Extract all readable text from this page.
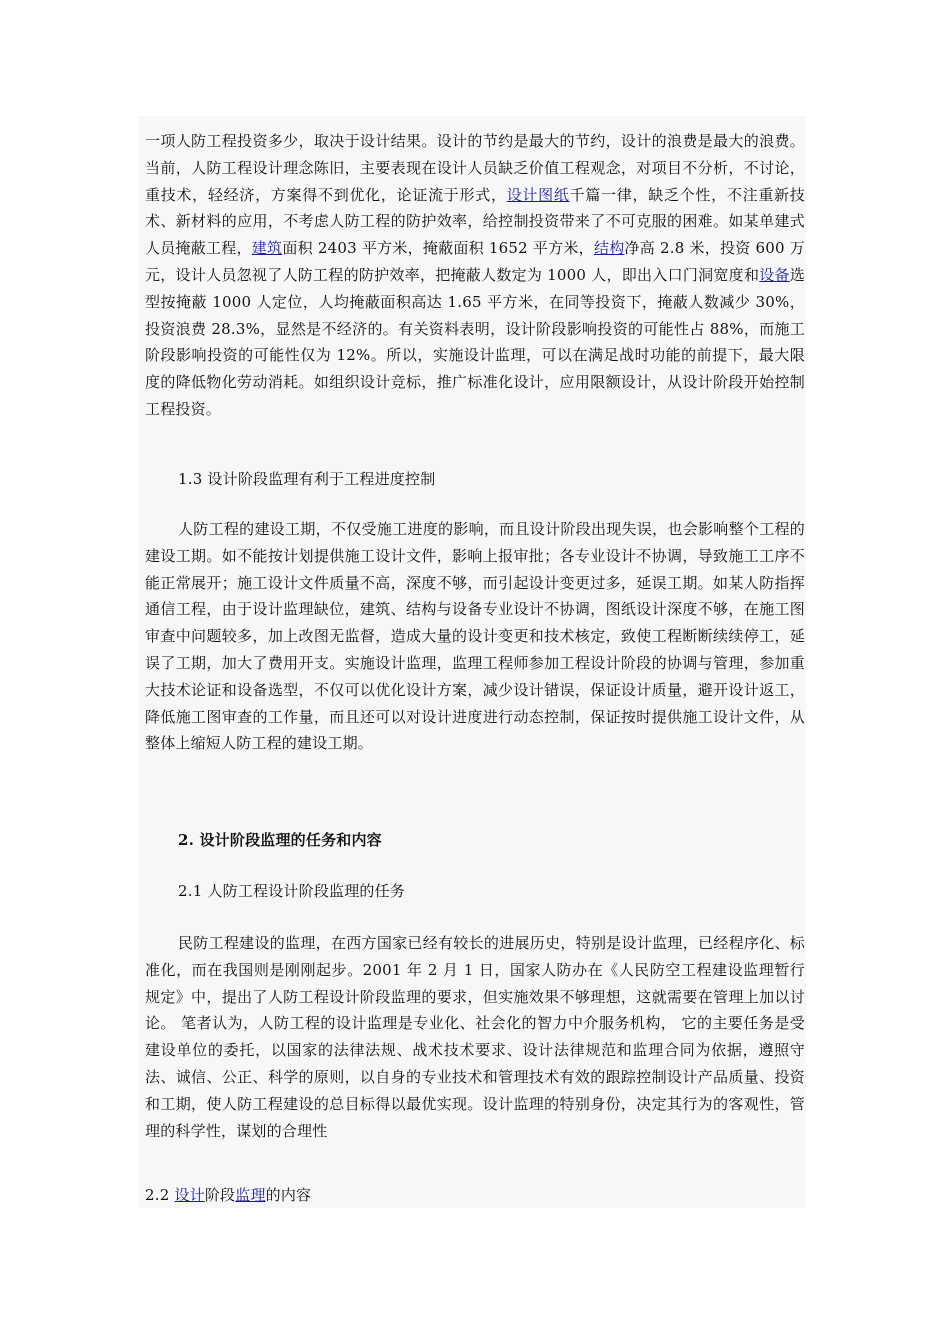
一项人防工程投资多少，取决于设计结果。设计的节约是最大的节约，设计的浪费是最大的浪费。当前，人防工程设计理念陈旧，主要表现在设计人员缺乏价值工程观念，对项目不分析，不讨论，重技术，轻经济，方案得不到优化，论证流于形式，设计图纸千篇一律，缺乏个性，不注重新技术、新材料的应用，不考虑人防工程的防护效率，给控制投资带来了不可克服的困难。如某单建式人员掩蔽工程，建筑面积 2403 平方米，掩蔽面积 1652 平方米，结构净高 2.8 米，投资 600 万元，设计人员忽视了人防工程的防护效率，把掩蔽人数定为 1000 人，即出入口门洞宽度和设备选型按掩蔽 1000 人定位，人均掩蔽面积高达 1.65 平方米，在同等投资下，掩蔽人数减少 30%，投资浪费 28.3%，显然是不经济的。有关资料表明，设计阶段影响投资的可能性占 88%，而施工阶段影响投资的可能性仅为 12%。所以，实施设计监理，可以在满足战时功能的前提下，最大限度的降低物化劳动消耗。如组织设计竞标，推广标准化设计，应用限额设计，从设计阶段开始控制工程投资。

1.3 设计阶段监理有利于工程进度控制

人防工程的建设工期，不仅受施工进度的影响，而且设计阶段出现失误，也会影响整个工程的建设工期。如不能按计划提供施工设计文件，影响上报审批；各专业设计不协调，导致施工工序不能正常展开；施工设计文件质量不高，深度不够，而引起设计变更过多，延误工期。如某人防指挥通信工程，由于设计监理缺位，建筑、结构与设备专业设计不协调，图纸设计深度不够，在施工图审查中问题较多，加上改图无监督，造成大量的设计变更和技术核定，致使工程断断续续停工，延误了工期，加大了费用开支。实施设计监理，监理工程师参加工程设计阶段的协调与管理，参加重大技术论证和设备选型，不仅可以优化设计方案，减少设计错误，保证设计质量，避开设计返工，降低施工图审查的工作量，而且还可以对设计进度进行动态控制，保证按时提供施工设计文件，从整体上缩短人防工程的建设工期。

2. 设计阶段监理的任务和内容

2.1 人防工程设计阶段监理的任务

民防工程建设的监理，在西方国家已经有较长的进展历史，特别是设计监理，已经程序化、标准化，而在我国则是刚刚起步。2001 年 2 月 1 日，国家人防办在《人民防空工程建设监理暂行规定》中，提出了人防工程设计阶段监理的要求，但实施效果不够理想，这就需要在管理上加以讨论。 笔者认为，人防工程的设计监理是专业化、社会化的智力中介服务机构， 它的主要任务是受建设单位的委托，以国家的法律法规、战术技术要求、设计法律规范和监理合同为依据，遵照守法、诚信、公正、科学的原则，以自身的专业技术和管理技术有效的跟踪控制设计产品质量、投资和工期，使人防工程建设的总目标得以最优实现。设计监理的特别身份，决定其行为的客观性，管理的科学性，谋划的合理性

2.2 设计阶段监理的内容
